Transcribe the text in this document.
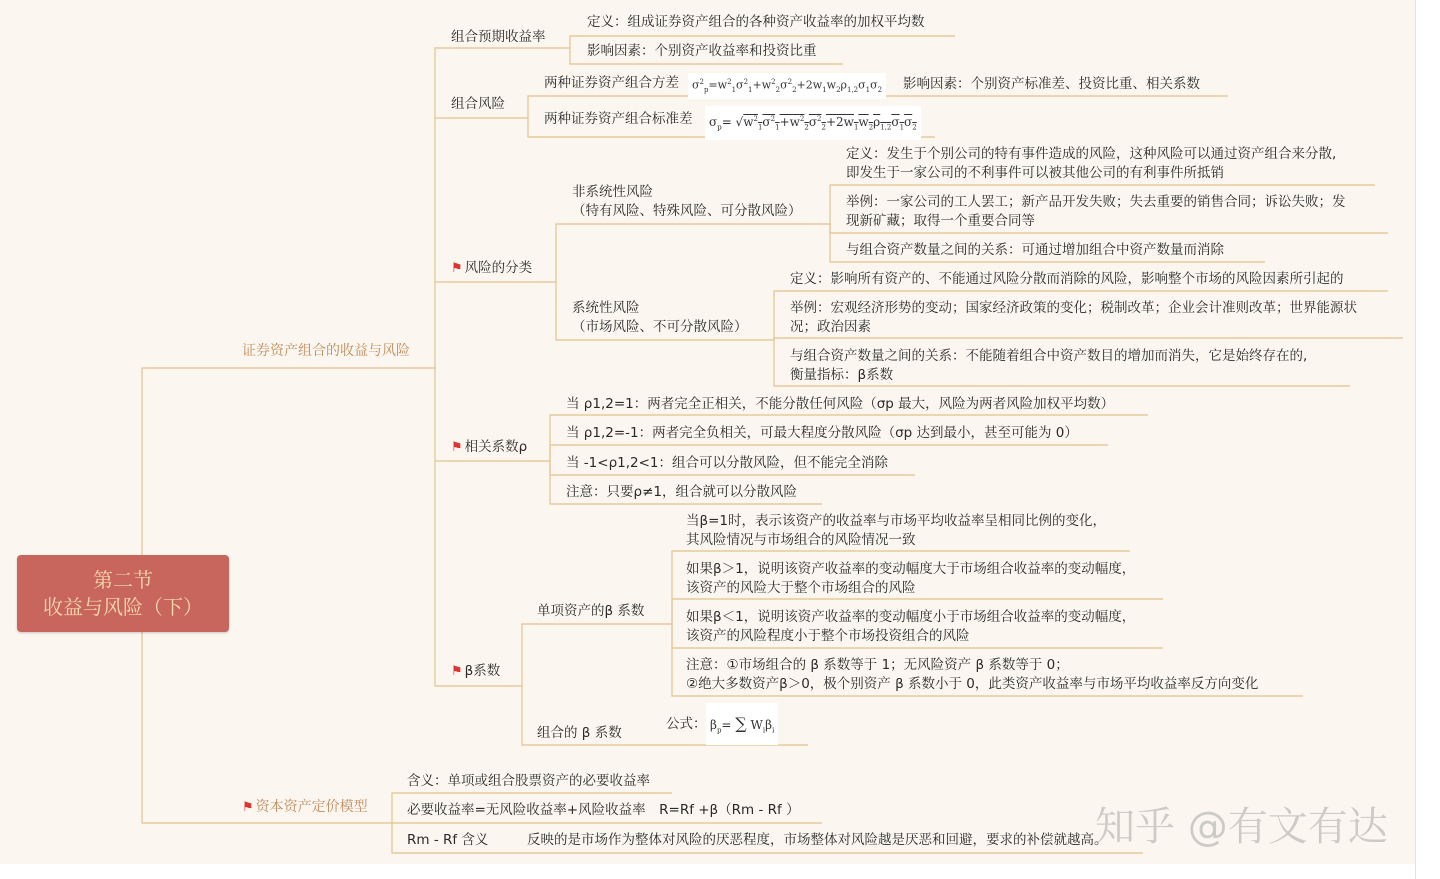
第二节
收益与风险（下）
证券资产组合的收益与风险
⚑ 资本资产定价模型
组合预期收益率
组合风险
⚑ 风险的分类
⚑ 相关系数ρ
⚑ β系数
定义：组成证券资产组合的各种资产收益率的加权平均数
影响因素：个别资产收益率和投资比重
两种证券资产组合方差	$\sigma^2_p=w^2_1\sigma^2_1+w^2_2\sigma^2_2+2w_1w_2\rho_{1,2}\sigma_1\sigma_2$ 影响因素：个别资产标准差、投资比重、相关系数
两种证券资产组合标准差	$\sigma_p= √w^2_1\sigma^2_1+w^2_2\sigma^2_2+2w_1w_2\rho_{1,2}\sigma_1\sigma_2$
非系统性风险
（特有风险、特殊风险、可分散风险）
定义：发生于个别公司的特有事件造成的风险，这种风险可以通过资产组合来分散,
即发生于一家公司的不利事件可以被其他公司的有利事件所抵销
举例：一家公司的工人罢工；新产品开发失败；失去重要的销售合同；诉讼失败；发
现新矿藏；取得一个重要合同等
与组合资产数量之间的关系：可通过增加组合中资产数量而消除
系统性风险
（市场风险、不可分散风险）
定义：影响所有资产的、不能通过风险分散而消除的风险，影响整个市场的风险因素所引起的
举例：宏观经济形势的变动；国家经济政策的变化；税制改革；企业会计准则改革；世界能源状
况；政治因素
与组合资产数量之间的关系：不能随着组合中资产数目的增加而消失，它是始终存在的,
衡量指标：β系数
当 ρ1,2=1：两者完全正相关，不能分散任何风险（σp 最大，风险为两者风险加权平均数）
当 ρ1,2=-1：两者完全负相关，可最大程度分散风险（σp 达到最小，甚至可能为 0）
当 -1<ρ1,2<1：组合可以分散风险，但不能完全消除
注意：只要ρ≠1，组合就可以分散风险
单项资产的β 系数
当β=1时，表示该资产的收益率与市场平均收益率呈相同比例的变化，
其风险情况与市场组合的风险情况一致
如果β＞1，说明该资产收益率的变动幅度大于市场组合收益率的变动幅度，
该资产的风险大于整个市场组合的风险
如果β＜1，说明该资产收益率的变动幅度小于市场组合收益率的变动幅度，
该资产的风险程度小于整个市场投资组合的风险
注意：①市场组合的 β 系数等于 1；无风险资产 β 系数等于 0；
②绝大多数资产β＞0，极个别资产 β 系数小于 0，此类资产收益率与市场平均收益率反方向变化
组合的 β 系数
公式： $\beta_p=$ ∑ $W_i\beta_i$
含义：单项或组合股票资产的必要收益率
必要收益率=无风险收益率+风险收益率　R=Rf +β（Rm - Rf ）
Rm - Rf 含义	反映的是市场作为整体对风险的厌恶程度，市场整体对风险越是厌恶和回避，要求的补偿就越高。
知乎 @有文有达
